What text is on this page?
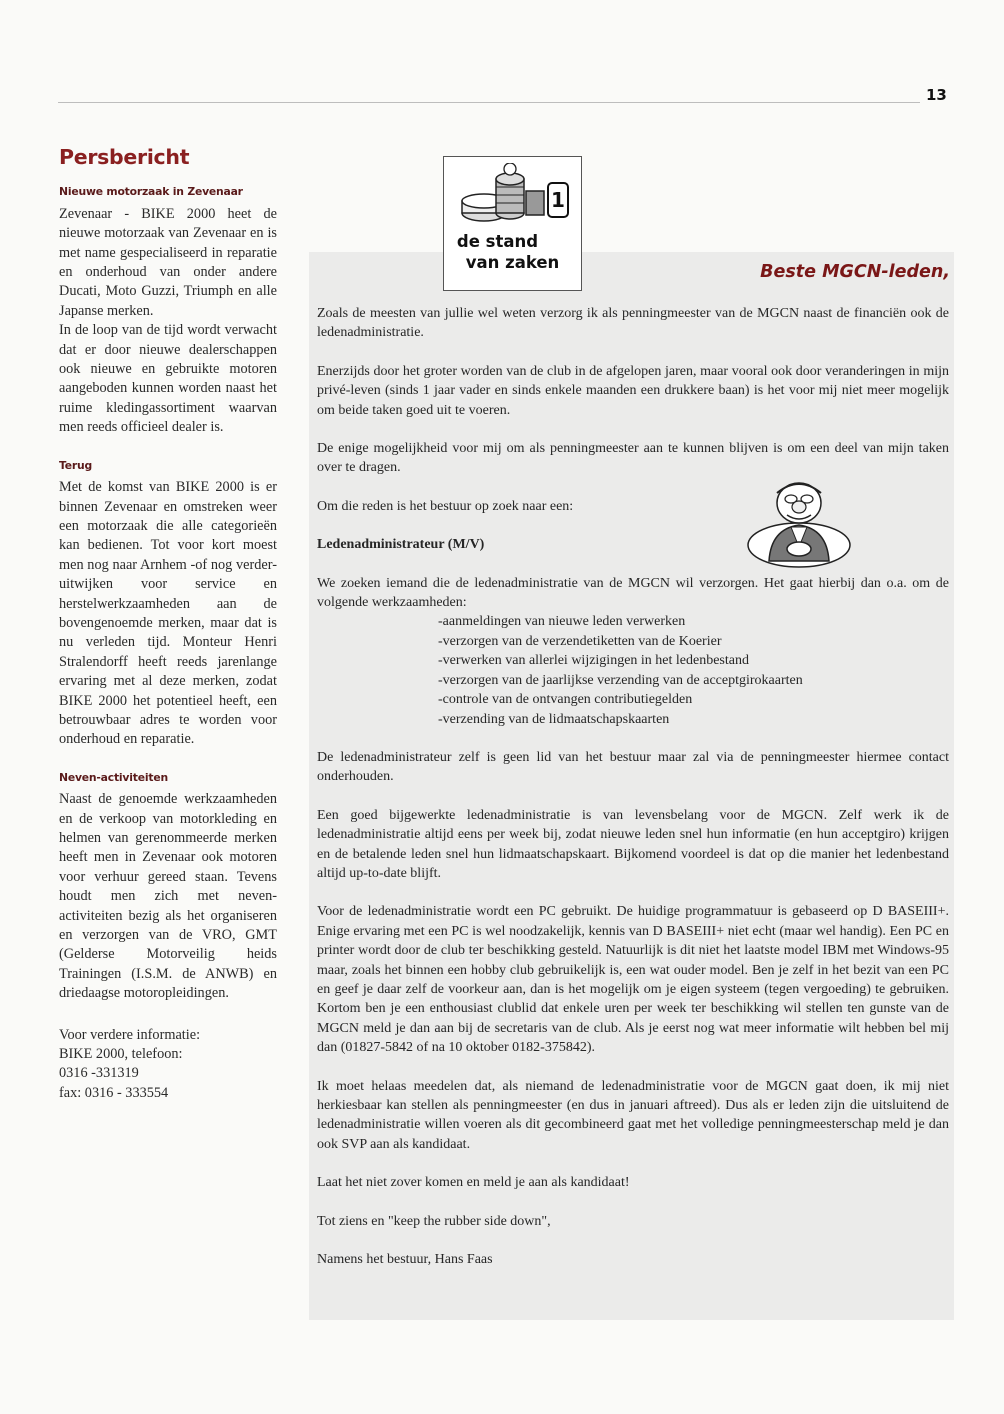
13
Persbericht
Nieuwe motorzaak in Zevenaar

Zevenaar - BIKE 2000 heet de nieuwe motorzaak van Zevenaar en is met name gespecialiseerd in reparatie en onderhoud van onder andere Ducati, Moto Guzzi, Triumph en alle Japanse merken.

In de loop van de tijd wordt verwacht dat er door nieuwe dealerschappen ook nieuwe en gebruikte motoren aangeboden kunnen worden naast het ruime kledingassortiment waarvan men reeds officieel dealer is.

Terug

Met de komst van BIKE 2000 is er binnen Zevenaar en omstreken weer een motorzaak die alle categorieën kan bedienen. Tot voor kort moest men nog naar Arnhem -of nog verder- uitwijken voor service en herstelwerkzaamheden aan de bovengenoemde merken, maar dat is nu verleden tijd. Monteur Henri Stralendorff heeft reeds jarenlange ervaring met al deze merken, zodat BIKE 2000 het potentieel heeft, een betrouwbaar adres te worden voor onderhoud en reparatie.

Neven-activiteiten

Naast de genoemde werkzaamheden en de verkoop van motorkleding en helmen van gerenommeerde merken heeft men in Zevenaar ook motoren voor verhuur gereed staan. Tevens houdt men zich met neven-activiteiten bezig als het organiseren en verzorgen van de VRO, GMT (Gelderse Motorveilig heids Trainingen (I.S.M. de ANWB) en driedaagse motoropleidingen.

Voor verdere informatie:

BIKE 2000, telefoon:

0316 -331319

fax: 0316 - 333554

1
de stand
van zaken	Beste MGCN-leden,

Zoals de meesten van jullie wel weten verzorg ik als penningmeester van de MGCN naast de financiën ook de ledenadministratie.

Enerzijds door het groter worden van de club in de afgelopen jaren, maar vooral ook door veranderingen in mijn privé-leven (sinds 1 jaar vader en sinds enkele maanden een drukkere baan) is het voor mij niet meer mogelijk om beide taken goed uit te voeren.

De enige mogelijkheid voor mij om als penningmeester aan te kunnen blijven is om een deel van mijn taken over te dragen.

Om die reden is het bestuur op zoek naar een:

Ledenadministrateur (M/V)

We zoeken iemand die de ledenadministratie van de MGCN wil verzorgen. Het gaat hierbij dan o.a. om de volgende werkzaamheden:

-aanmeldingen van nieuwe leden verwerken
-verzorgen van de verzendetiketten van de Koerier
-verwerken van allerlei wijzigingen in het ledenbestand
-verzorgen van de jaarlijkse verzending van de acceptgirokaarten
-controle van de ontvangen contributiegelden
-verzending van de lidmaatschapskaarten

De ledenadministrateur zelf is geen lid van het bestuur maar zal via de penningmeester hiermee contact onderhouden.

Een goed bijgewerkte ledenadministratie is van levensbelang voor de MGCN. Zelf werk ik de ledenadministratie altijd eens per week bij, zodat nieuwe leden snel hun informatie (en hun acceptgiro) krijgen en de betalende leden snel hun lidmaatschapskaart. Bijkomend voordeel is dat op die manier het ledenbestand altijd up-to-date blijft.

Voor de ledenadministratie wordt een PC gebruikt. De huidige programmatuur is gebaseerd op D BASEIII+. Enige ervaring met een PC is wel noodzakelijk, kennis van D BASEIII+ niet echt (maar wel handig). Een PC en printer wordt door de club ter beschikking gesteld. Natuurlijk is dit niet het laatste model IBM met Windows-95 maar, zoals het binnen een hobby club gebruikelijk is, een wat ouder model. Ben je zelf in het bezit van een PC en geef je daar zelf de voorkeur aan, dan is het mogelijk om je eigen systeem (tegen vergoeding) te gebruiken. Kortom ben je een enthousiast clublid dat enkele uren per week ter beschikking wil stellen ten gunste van de MGCN meld je dan aan bij de secretaris van de club. Als je eerst nog wat meer informatie wilt hebben bel mij dan (01827-5842 of na 10 oktober 0182-375842).

Ik moet helaas meedelen dat, als niemand de ledenadministratie voor de MGCN gaat doen, ik mij niet herkiesbaar kan stellen als penningmeester (en dus in januari aftreed). Dus als er leden zijn die uitsluitend de ledenadministratie willen voeren als dit gecombineerd gaat met het volledige penningmeesterschap meld je dan ook SVP aan als kandidaat.

Laat het niet zover komen en meld je aan als kandidaat!

Tot ziens en "keep the rubber side down",

Namens het bestuur, Hans Faas
